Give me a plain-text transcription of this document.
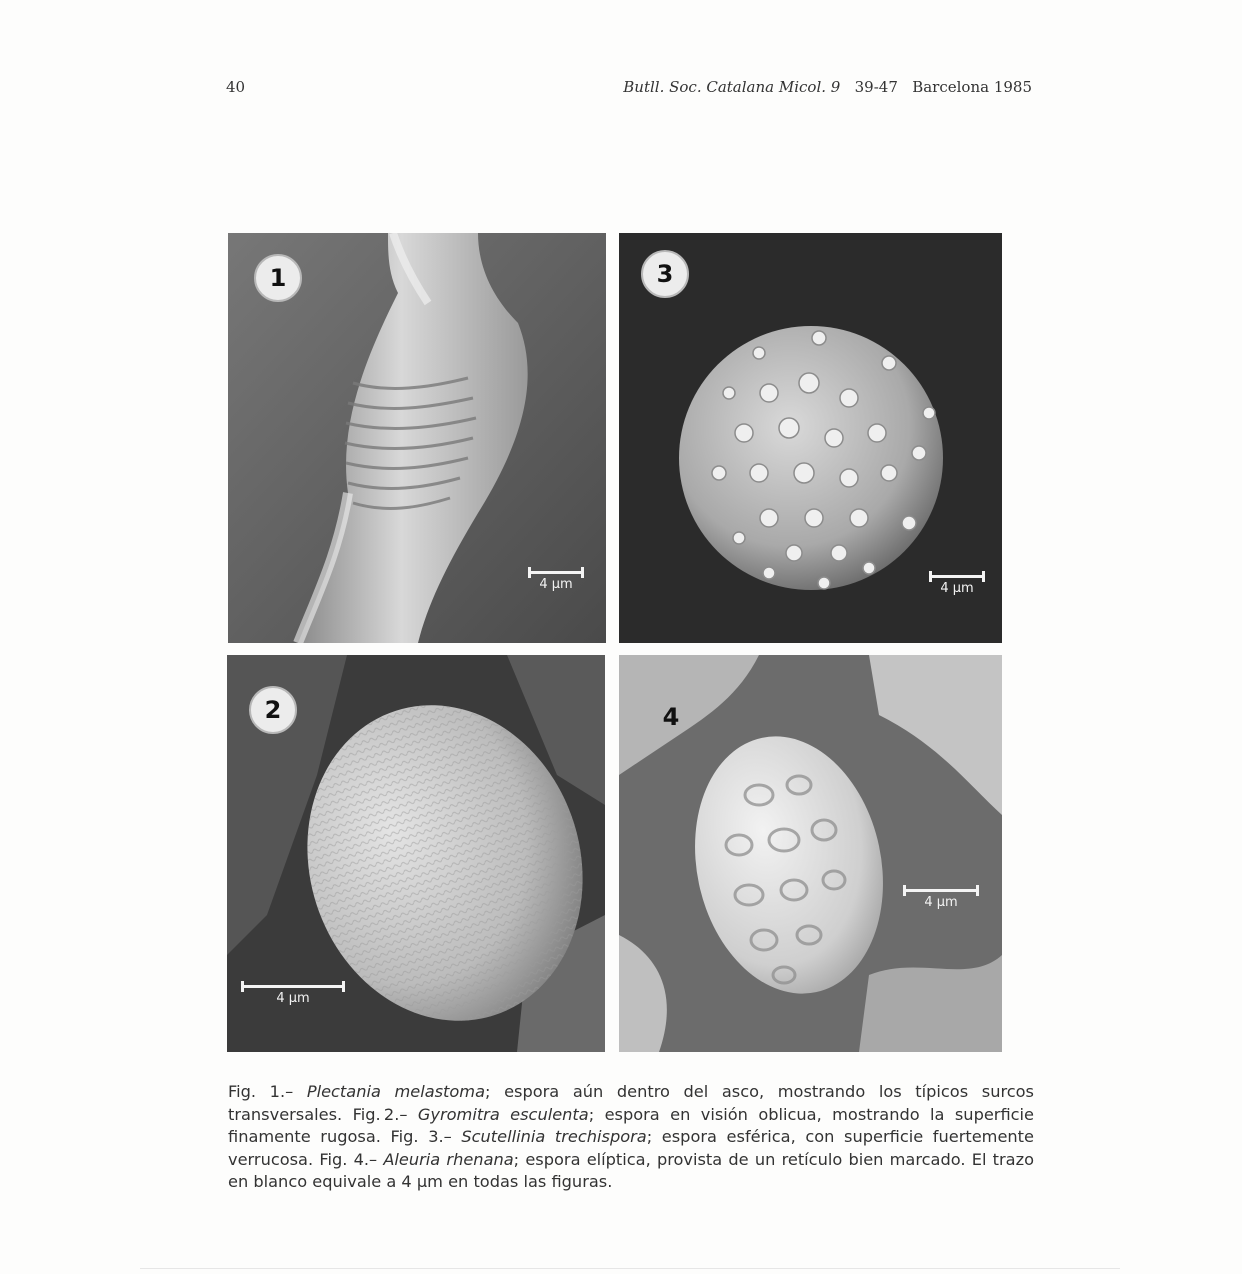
40	Butll. Soc. Catalana Micol. 9 39-47 Barcelona 1985
1
4 µm
3
4 µm
2
4 µm
4
4 µm

Fig. 1.– Plectania melastoma; espora aún dentro del asco, mostrando los típicos surcos transversales. Fig. 2.– Gyromitra esculenta; espora en visión oblicua, mostrando la superficie finamente rugosa. Fig. 3.– Scutellinia trechispora; espora esférica, con superficie fuertemente verrucosa. Fig. 4.– Aleuria rhenana; espora elíptica, provista de un retículo bien marcado. El trazo en blanco equivale a 4 µm en todas las figuras.
